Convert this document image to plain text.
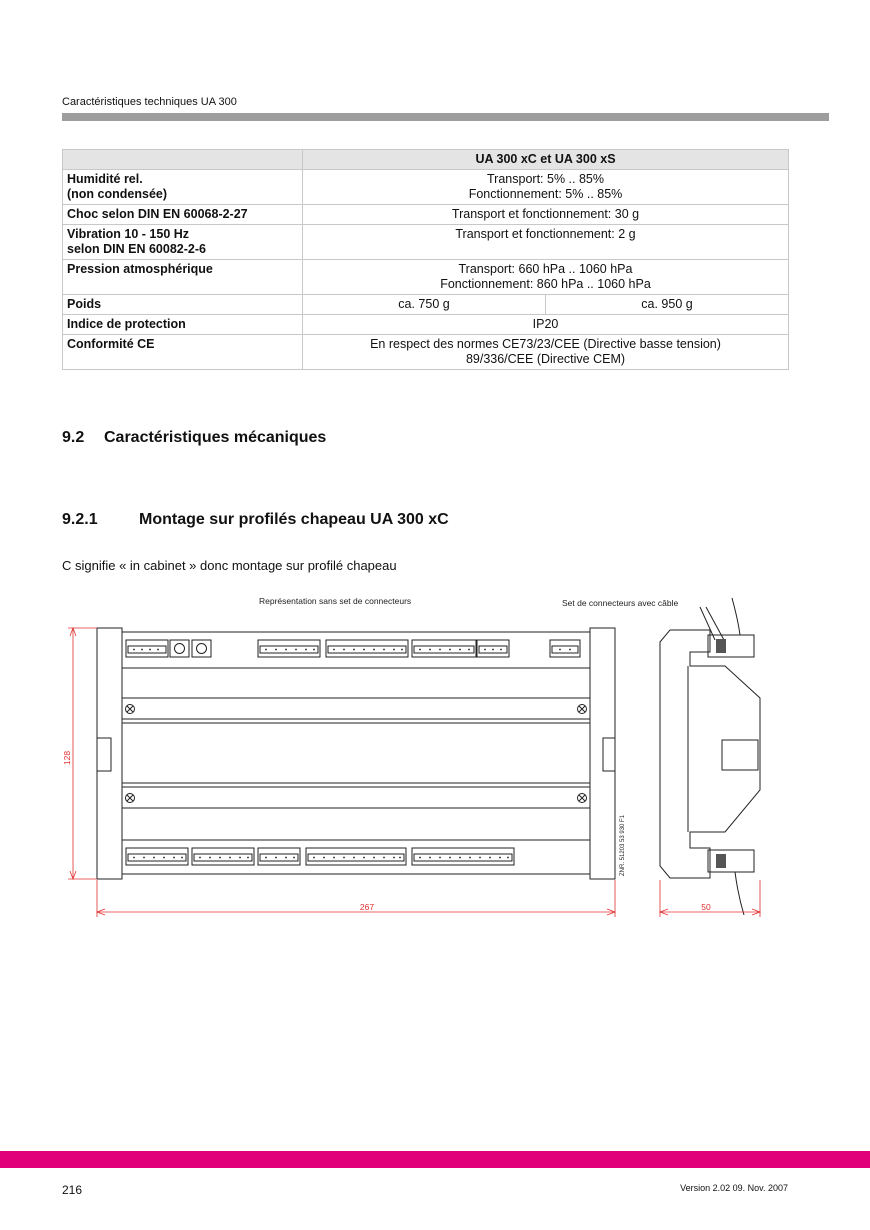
Caractéristiques techniques UA 300
	UA 300 xC et UA 300 xS	

Humidité rel.
(non condensée)	Transport: 5% .. 85%
Fonctionnement: 5% .. 85%	

Choc selon DIN EN 60068-2-27	Transport et fonctionnement: 30 g	

Vibration 10 - 150 Hz
selon DIN EN 60082-2-6	Transport et fonctionnement: 2 g	
Pression atmosphérique	Transport: 660 hPa .. 1060 hPa
Fonctionnement: 860 hPa .. 1060 hPa	

Poids	ca. 750 g	ca. 950 g
Indice de protection	IP20	
Conformité CE	En respect des normes CE73/23/CEE (Directive basse tension)
89/336/CEE (Directive CEM)	
9.2 Caractéristiques mécaniques
9.2.1	Montage sur profilés chapeau UA 300 xC
C signifie « in cabinet » donc montage sur profilé chapeau
Représentation sans set de connecteurs	Set de connecteurs avec câble
128
267	50
ZNR. 51203 53 930 F1
216	Version 2.02 09. Nov. 2007
